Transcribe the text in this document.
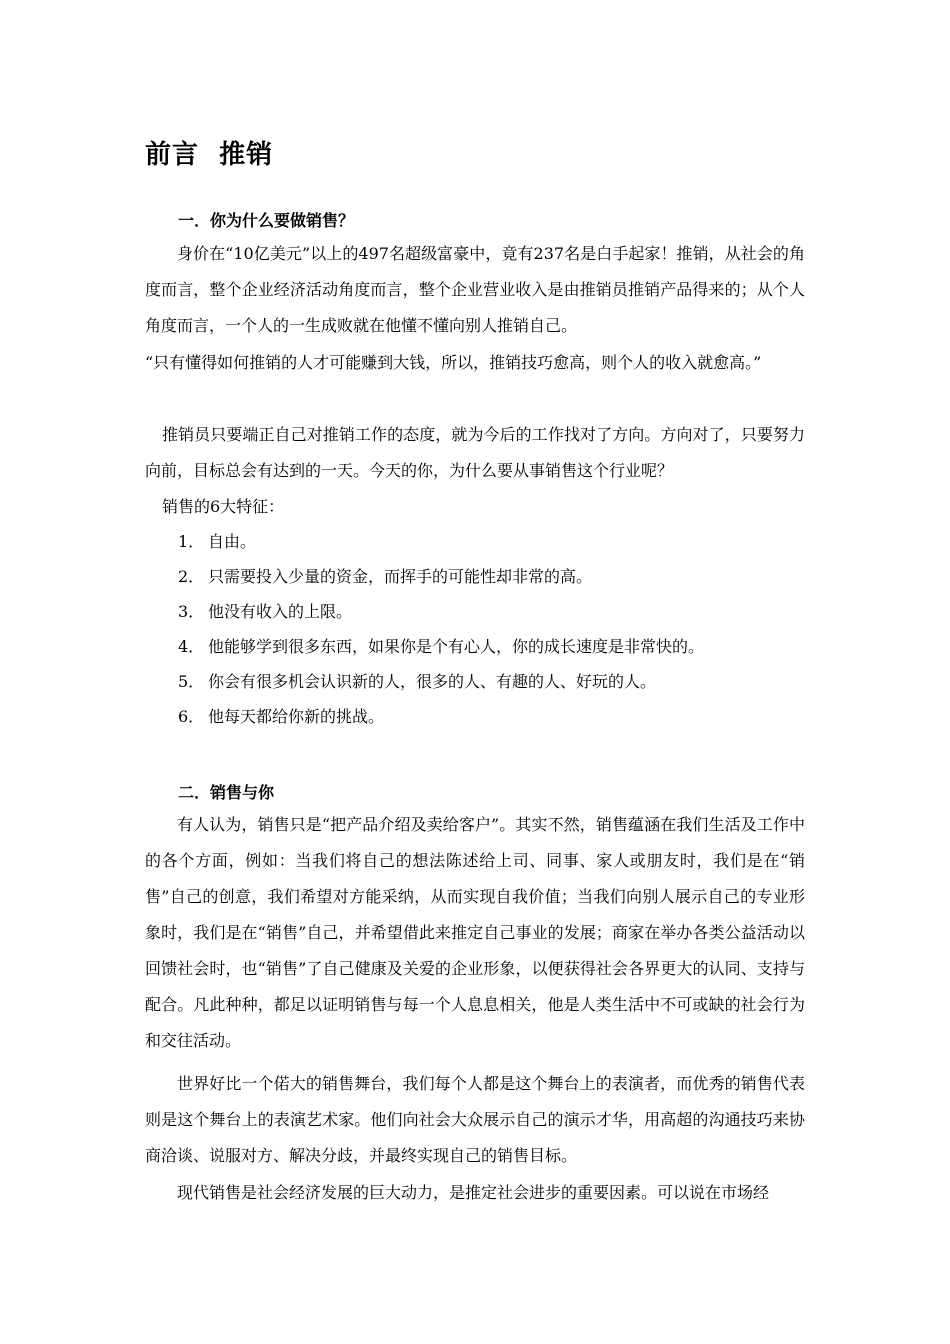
前言  推销
一．你为什么要做销售？
身价在“10亿美元”以上的497名超级富豪中，竟有237名是白手起家！推销，从社会的角度而言，整个企业经济活动角度而言，整个企业营业收入是由推销员推销产品得来的；从个人角度而言，一个人的一生成败就在他懂不懂向别人推销自己。
“只有懂得如何推销的人才可能赚到大钱，所以，推销技巧愈高，则个人的收入就愈高。”
推销员只要端正自己对推销工作的态度，就为今后的工作找对了方向。方向对了，只要努力向前，目标总会有达到的一天。今天的你，为什么要从事销售这个行业呢？
销售的6大特征：
1． 自由。
2． 只需要投入少量的资金，而挥手的可能性却非常的高。
3． 他没有收入的上限。
4． 他能够学到很多东西，如果你是个有心人，你的成长速度是非常快的。
5． 你会有很多机会认识新的人，很多的人、有趣的人、好玩的人。
6． 他每天都给你新的挑战。
二．销售与你
有人认为，销售只是“把产品介绍及卖给客户”。其实不然，销售蕴涵在我们生活及工作中的各个方面，例如：当我们将自己的想法陈述给上司、同事、家人或朋友时，我们是在“销售”自己的创意，我们希望对方能采纳，从而实现自我价值；当我们向别人展示自己的专业形象时，我们是在“销售”自己，并希望借此来推定自己事业的发展；商家在举办各类公益活动以回馈社会时，也“销售”了自己健康及关爱的企业形象，以便获得社会各界更大的认同、支持与配合。凡此种种，都足以证明销售与每一个人息息相关，他是人类生活中不可或缺的社会行为和交往活动。
世界好比一个偌大的销售舞台，我们每个人都是这个舞台上的表演者，而优秀的销售代表则是这个舞台上的表演艺术家。他们向社会大众展示自己的演示才华，用高超的沟通技巧来协商洽谈、说服对方、解决分歧，并最终实现自己的销售目标。
现代销售是社会经济发展的巨大动力，是推定社会进步的重要因素。可以说在市场经
